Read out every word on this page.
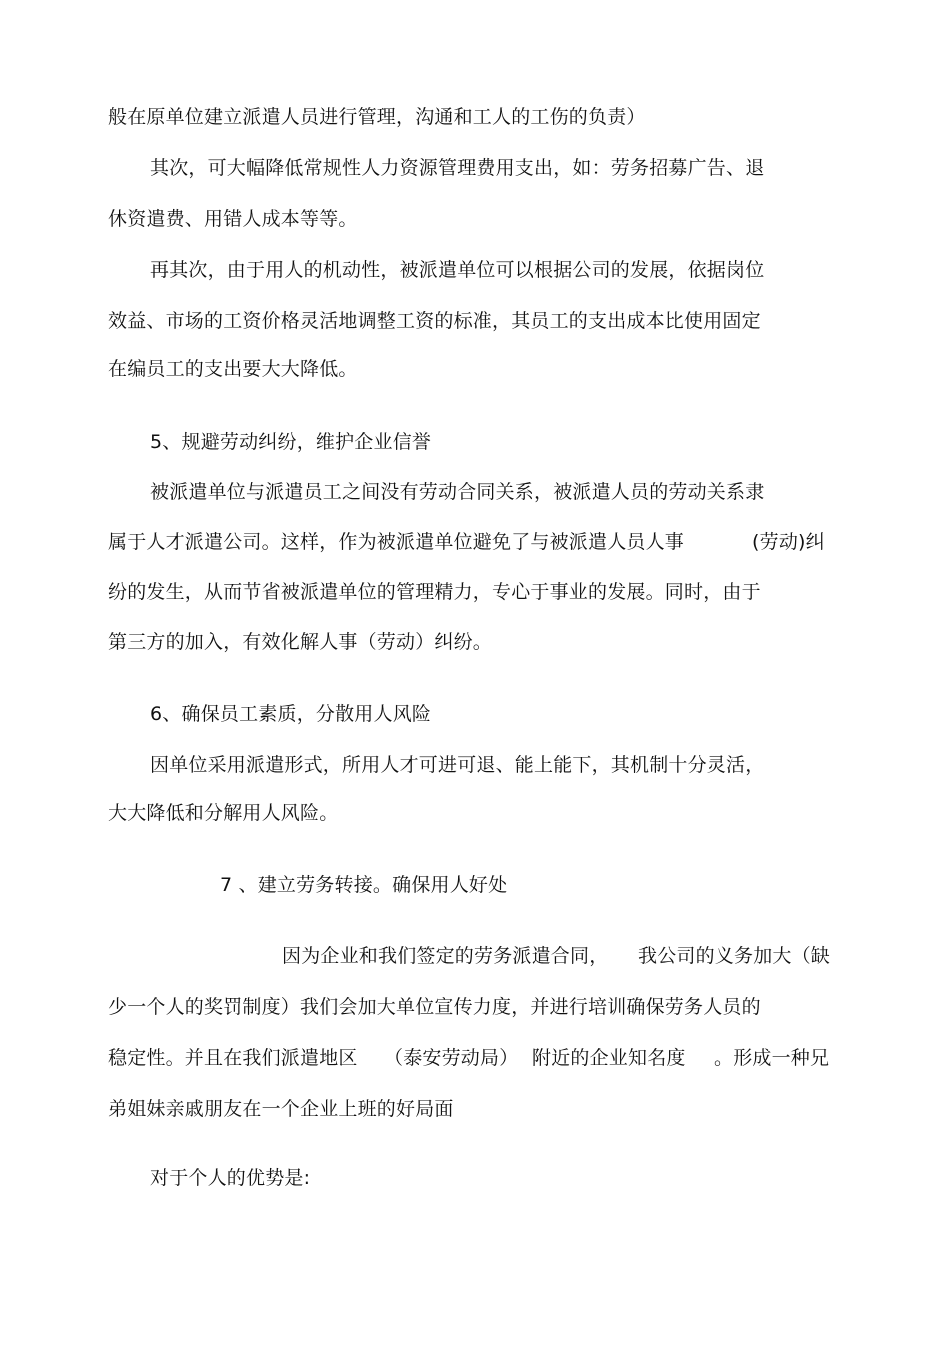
般在原单位建立派遣人员进行管理，沟通和工人的工伤的负责）
其次，可大幅降低常规性人力资源管理费用支出，如：劳务招募广告、退
休资遣费、用错人成本等等。
再其次，由于用人的机动性，被派遣单位可以根据公司的发展，依据岗位
效益、市场的工资价格灵活地调整工资的标准，其员工的支出成本比使用固定
在编员工的支出要大大降低。
5、规避劳动纠纷，维护企业信誉
被派遣单位与派遣员工之间没有劳动合同关系，被派遣人员的劳动关系隶
属于人才派遣公司。这样，作为被派遣单位避免了与被派遣人员人事	(劳动)纠
纷的发生，从而节省被派遣单位的管理精力，专心于事业的发展。同时，由于
第三方的加入，有效化解人事（劳动）纠纷。
6、确保员工素质，分散用人风险
因单位采用派遣形式，所用人才可进可退、能上能下，其机制十分灵活，
大大降低和分解用人风险。
7 、建立劳务转接。确保用人好处
因为企业和我们签定的劳务派遣合同， 我公司的义务加大（缺
少一个人的奖罚制度）我们会加大单位宣传力度，并进行培训确保劳务人员的
稳定性。并且在我们派遣地区 （泰安劳动局） 附近的企业知名度 。形成一种兄
弟姐妹亲戚朋友在一个企业上班的好局面
对于个人的优势是:
